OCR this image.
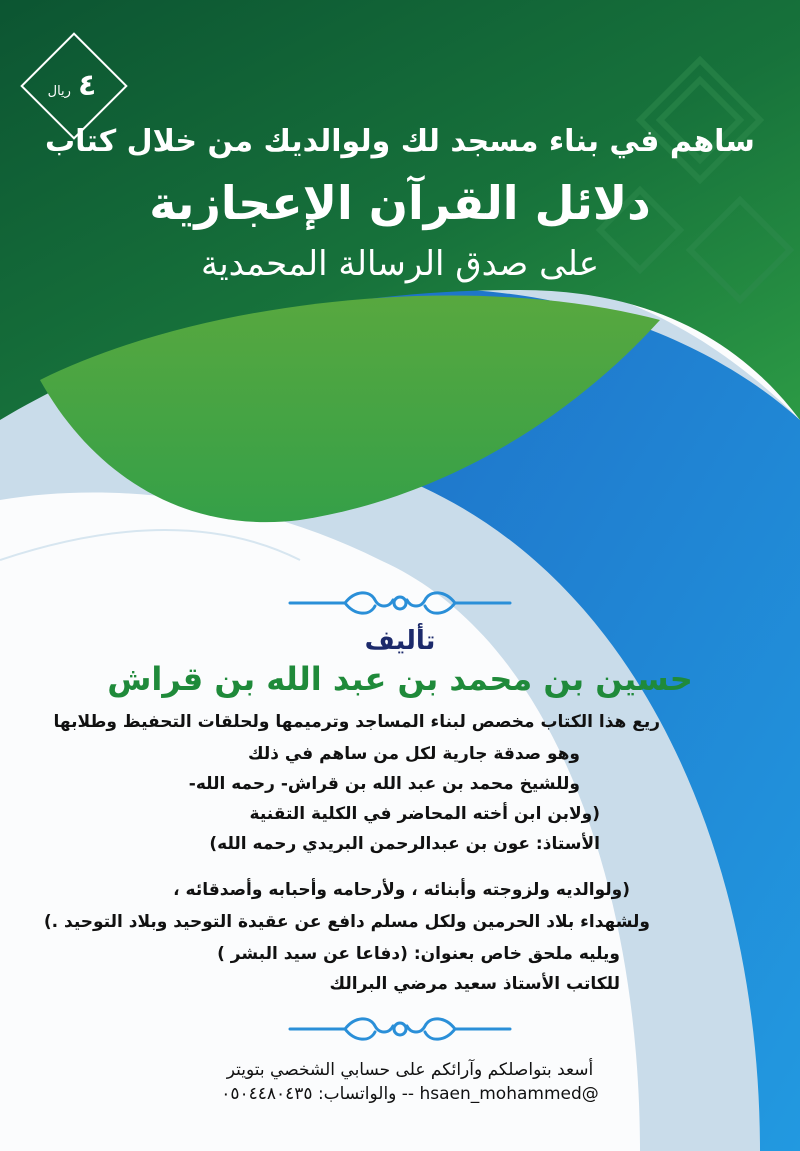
٤ ريال
ساهم في بناء مسجد لك ولوالديك من خلال كتاب
دلائل القرآن الإعجازية
على صدق الرسالة المحمدية
تأليف
حسين بن محمد بن عبد الله بن قراش
ريع هذا الكتاب مخصص لبناء المساجد وترميمها ولحلقات التحفيظ وطلابها
وهو صدقة جارية لكل من ساهم في ذلك
وللشيخ محمد بن عبد الله بن قراش- رحمه الله-
(ولابن ابن أخته المحاضر في الكلية التقنية
الأستاذ: عون بن عبدالرحمن البريدي رحمه الله)
(ولوالديه ولزوجته وأبنائه ، ولأرحامه وأحبابه وأصدقائه ،
ولشهداء بلاد الحرمين ولكل مسلم دافع عن عقيدة التوحيد وبلاد التوحيد .)
ويليه ملحق خاص بعنوان: (دفاعا عن سيد البشر )
للكاتب الأستاذ سعيد مرضي البرالك
أسعد بتواصلكم وآرائكم على حسابي الشخصي بتويتر
@hsaen_mohammed -- والواتساب: ٠٥٠٤٤٨٠٤٣٥
